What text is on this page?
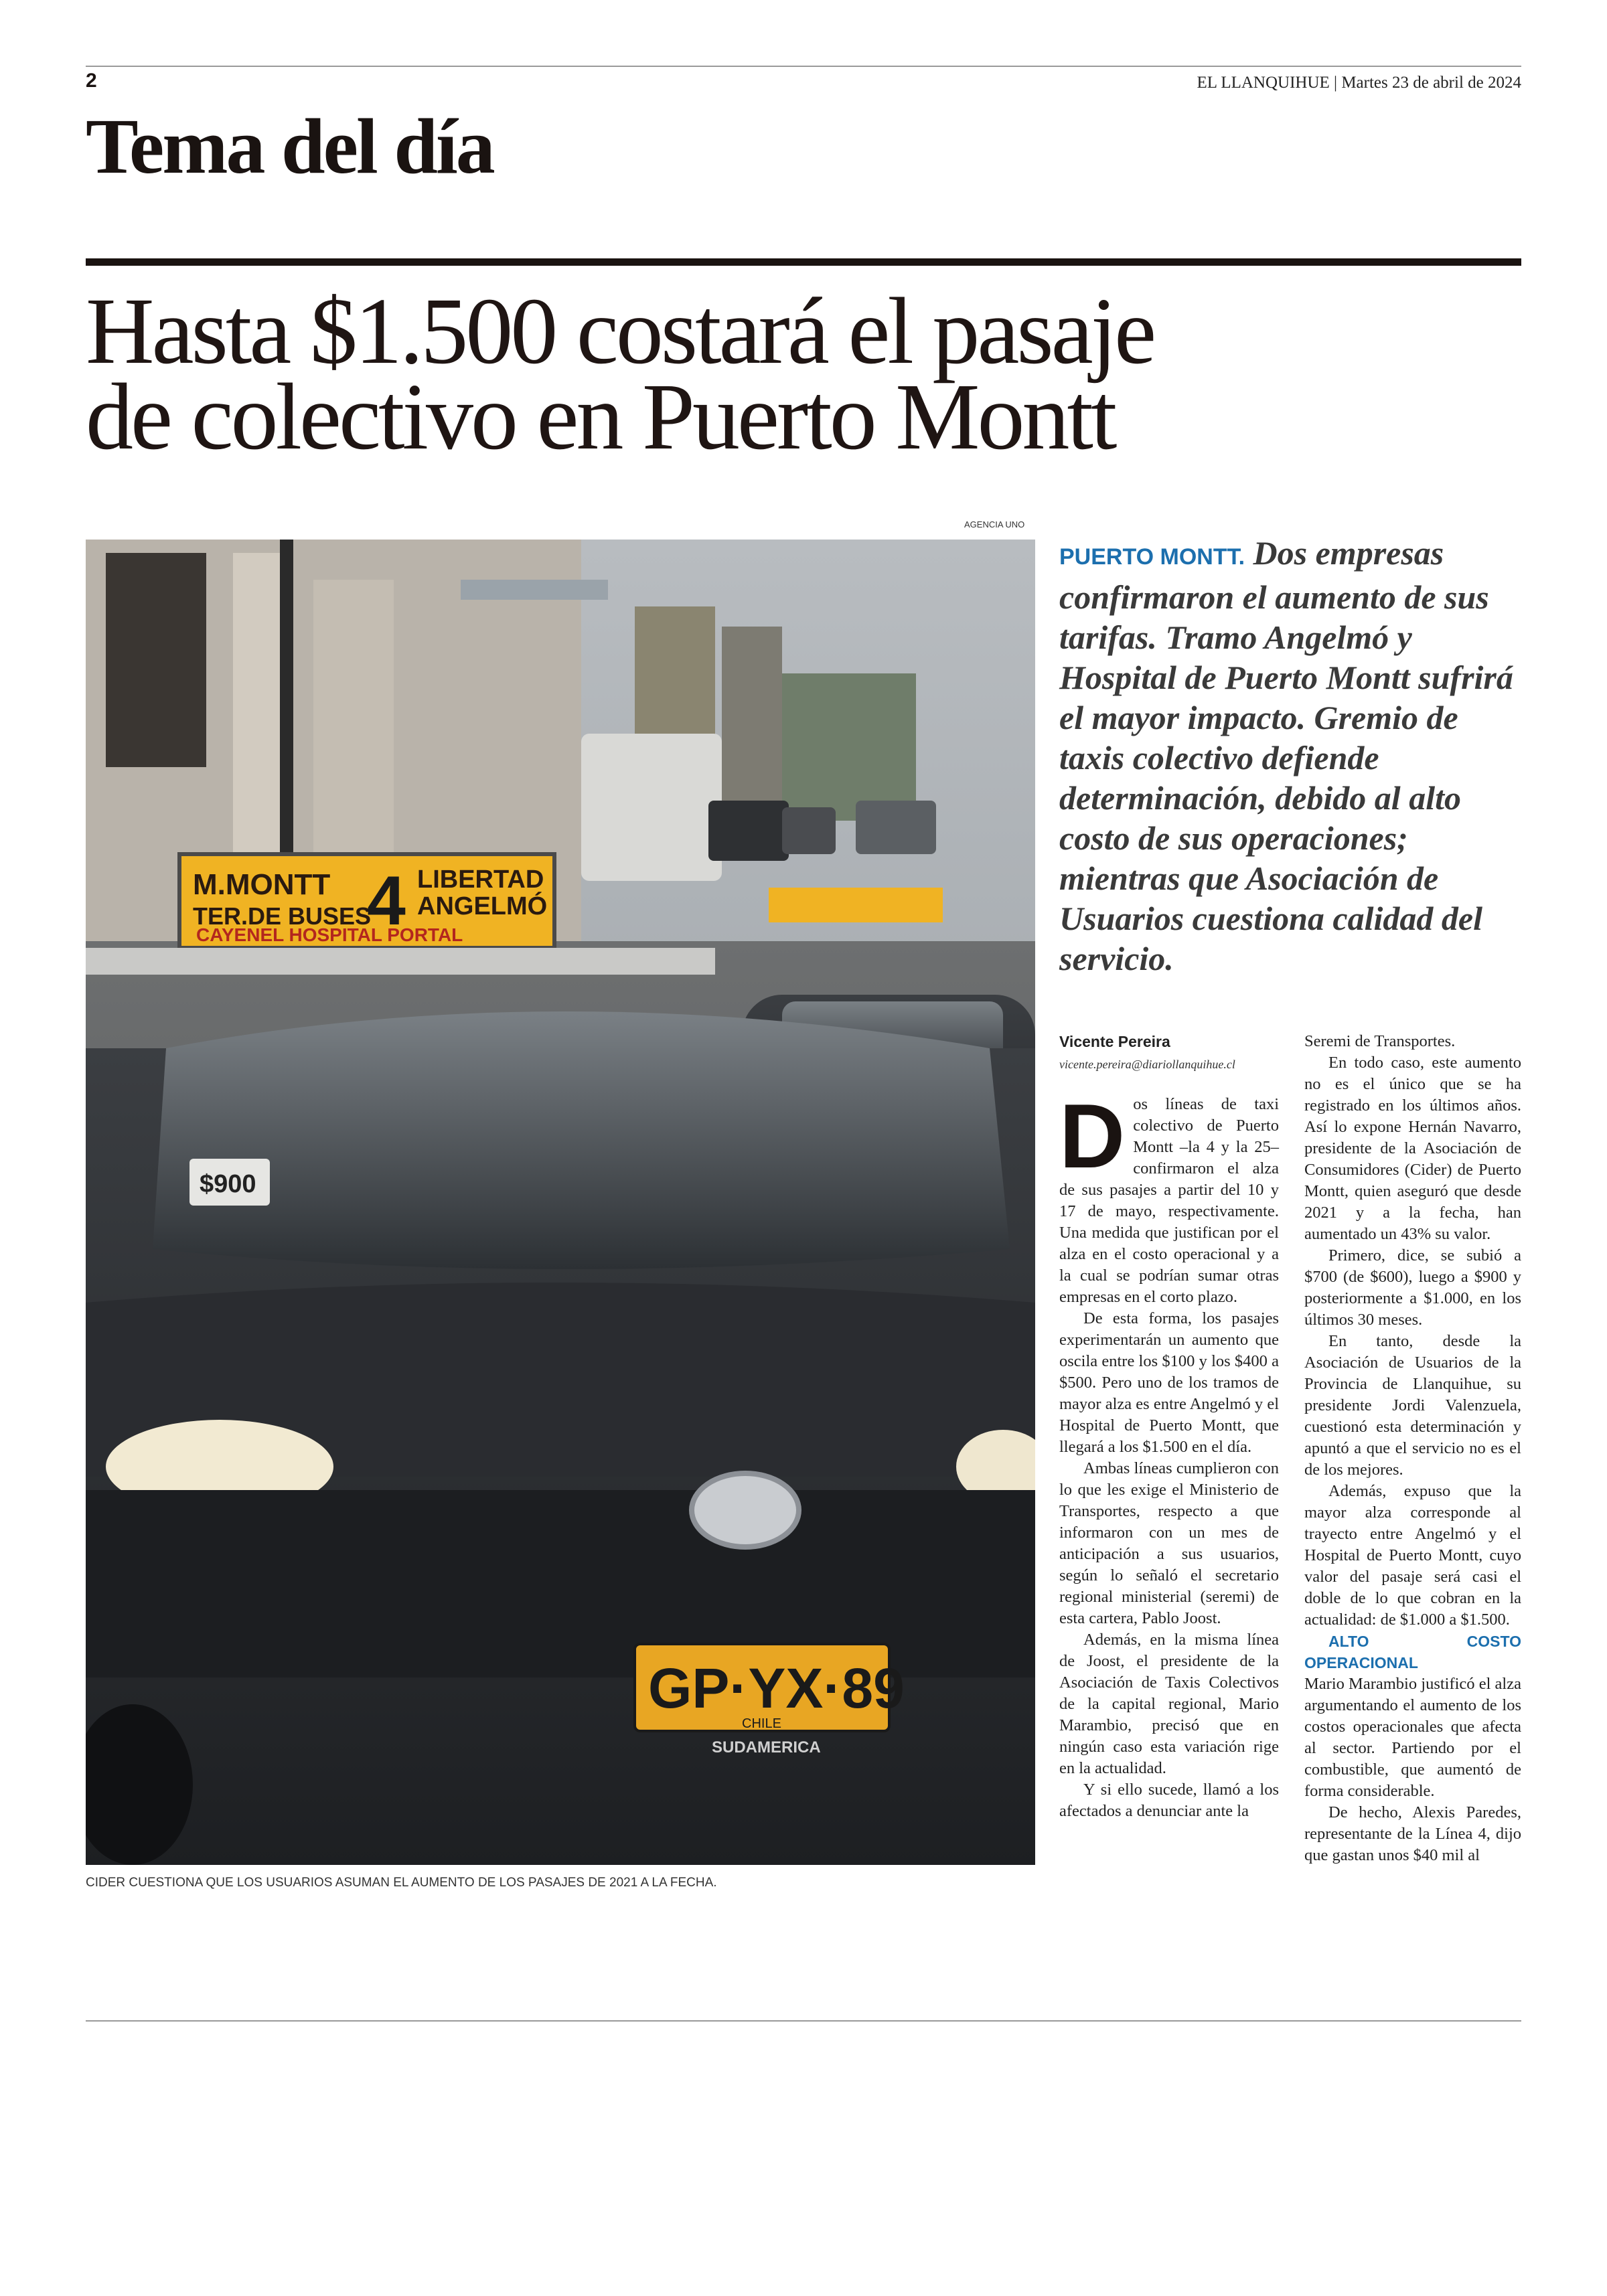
2	EL LLANQUIHUE | Martes 23 de abril de 2024
Tema del día
Hasta $1.500 costará el pasaje
de colectivo en Puerto Montt
AGENCIA UNO
M.MONTT
TER.DE BUSES
4 LIBERTAD
ANGELMÓ
CAYENEL HOSPITAL PORTAL
$900
GP·YX·89
CHILE
SUDAMERICA
CIDER CUESTIONA QUE LOS USUARIOS ASUMAN EL AUMENTO DE LOS PASAJES DE 2021 A LA FECHA.
PUERTO MONTT. Dos empresas confirmaron el aumento de sus tarifas. Tramo Angelmó y Hospital de Puerto Montt sufrirá el mayor impacto. Gremio de taxis colectivo defiende determinación, debido al alto costo de sus operaciones; mientras que Asociación de Usuarios cuestiona calidad del servicio.
Vicente Pereira
vicente.pereira@diariollanquihue.cl
D os líneas de taxi colectivo de Puerto Montt –la 4 y la 25– confirmaron el alza de sus pasajes a partir del 10 y 17 de mayo, respectivamente. Una medida que justifican por el alza en el costo operacional y a la cual se podrían sumar otras empresas en el corto plazo.

De esta forma, los pasajes experimentarán un aumento que oscila entre los $100 y los $400 a $500. Pero uno de los tramos de mayor alza es entre Angelmó y el Hospital de Puerto Montt, que llegará a los $1.500 en el día.

Ambas líneas cumplieron con lo que les exige el Ministerio de Transportes, respecto a que informaron con un mes de anticipación a sus usuarios, según lo señaló el secretario regional ministerial (seremi) de esta cartera, Pablo Joost.

Además, en la misma línea de Joost, el presidente de la Asociación de Taxis Colectivos de la capital regional, Mario Marambio, precisó que en ningún caso esta variación rige en la actualidad.

Y si ello sucede, llamó a los afectados a denunciar ante la

Seremi de Transportes.

En todo caso, este aumento no es el único que se ha registrado en los últimos años. Así lo expone Hernán Navarro, presidente de la Asociación de Consumidores (Cider) de Puerto Montt, quien aseguró que desde 2021 y a la fecha, han aumentado un 43% su valor.

Primero, dice, se subió a $700 (de $600), luego a $900 y posteriormente a $1.000, en los últimos 30 meses.

En tanto, desde la Asociación de Usuarios de la Provincia de Llanquihue, su presidente Jordi Valenzuela, cuestionó esta determinación y apuntó a que el servicio no es el de los mejores.

Además, expuso que la mayor alza corresponde al trayecto entre Angelmó y el Hospital de Puerto Montt, cuyo valor del pasaje será casi el doble de lo que cobran en la actualidad: de $1.000 a $1.500.

ALTO COSTO OPERACIONAL

Mario Marambio justificó el alza argumentando el aumento de los costos operacionales que afecta al sector. Partiendo por el combustible, que aumentó de forma considerable.

De hecho, Alexis Paredes, representante de la Línea 4, dijo que gastan unos $40 mil al
